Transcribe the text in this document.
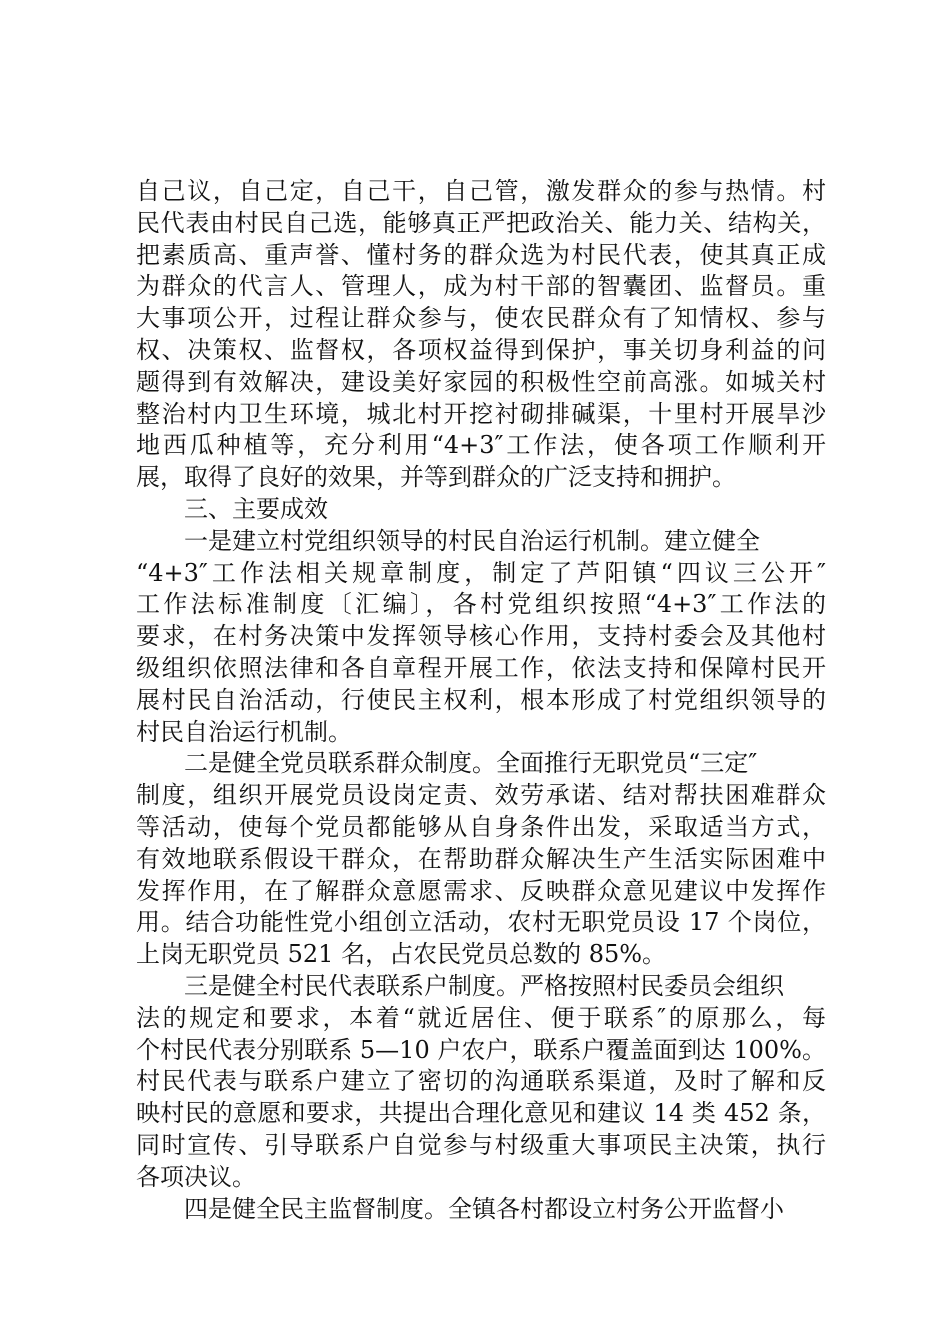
自己议，自己定，自己干，自己管，激发群众的参与热情。村
民代表由村民自己选，能够真正严把政治关、能力关、结构关，
把素质高、重声誉、懂村务的群众选为村民代表，使其真正成
为群众的代言人、管理人，成为村干部的智囊团、监督员。重
大事项公开，过程让群众参与，使农民群众有了知情权、参与
权、决策权、监督权，各项权益得到保护，事关切身利益的问
题得到有效解决，建设美好家园的积极性空前高涨。如城关村
整治村内卫生环境，城北村开挖衬砌排碱渠，十里村开展旱沙
地西瓜种植等，充分利用“4+3″工作法，使各项工作顺利开
展，取得了良好的效果，并等到群众的广泛支持和拥护。
三、主要成效
一是建立村党组织领导的村民自治运行机制。建立健全
“4+3″工作法相关规章制度，制定了芦阳镇“四议三公开″
工作法标准制度〔汇编〕，各村党组织按照“4+3″工作法的
要求，在村务决策中发挥领导核心作用，支持村委会及其他村
级组织依照法律和各自章程开展工作，依法支持和保障村民开
展村民自治活动，行使民主权利，根本形成了村党组织领导的
村民自治运行机制。
二是健全党员联系群众制度。全面推行无职党员“三定″
制度，组织开展党员设岗定责、效劳承诺、结对帮扶困难群众
等活动，使每个党员都能够从自身条件出发，采取适当方式，
有效地联系假设干群众，在帮助群众解决生产生活实际困难中
发挥作用，在了解群众意愿需求、反映群众意见建议中发挥作
用。结合功能性党小组创立活动，农村无职党员设 17 个岗位，
上岗无职党员 521 名，占农民党员总数的 85%。
三是健全村民代表联系户制度。严格按照村民委员会组织
法的规定和要求，本着“就近居住、便于联系″的原那么，每
个村民代表分别联系 5—10 户农户，联系户覆盖面到达 100%。
村民代表与联系户建立了密切的沟通联系渠道，及时了解和反
映村民的意愿和要求，共提出合理化意见和建议 14 类 452 条，
同时宣传、引导联系户自觉参与村级重大事项民主决策，执行
各项决议。
四是健全民主监督制度。全镇各村都设立村务公开监督小
